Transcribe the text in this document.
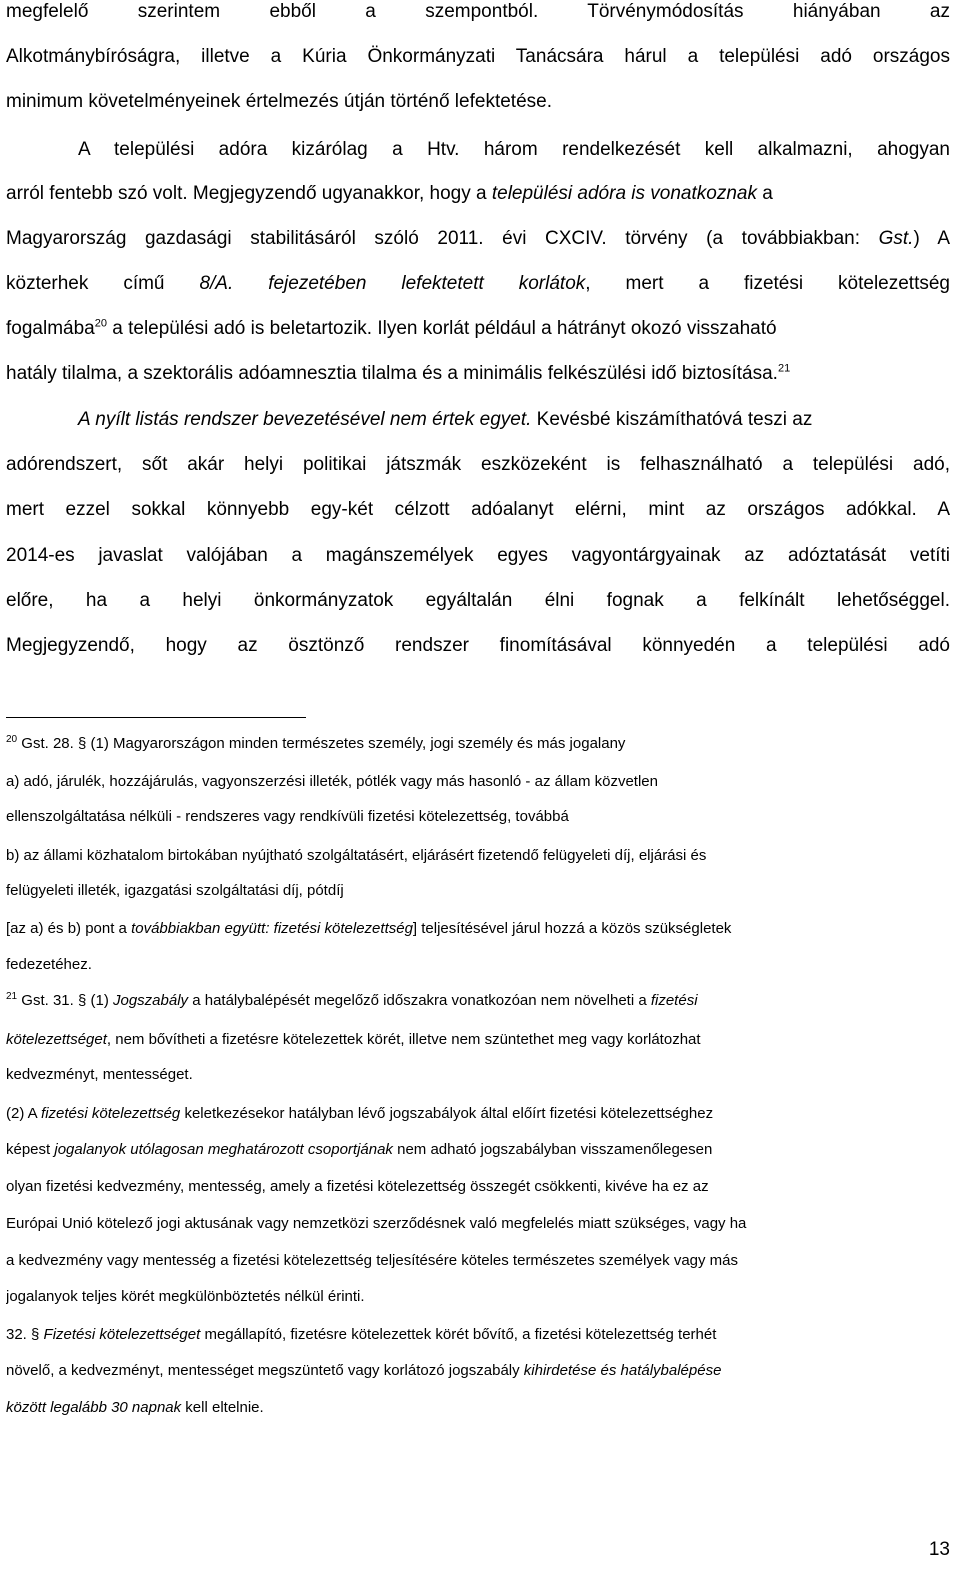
megfelelő szerintem ebből a szempontból. Törvénymódosítás hiányában az
Alkotmánybíróságra, illetve a Kúria Önkormányzati Tanácsára hárul a települési adó országos
minimum követelményeinek értelmezés útján történő lefektetése.
A települési adóra kizárólag a Htv. három rendelkezését kell alkalmazni, ahogyan
arról fentebb szó volt. Megjegyzendő ugyanakkor, hogy a települési adóra is vonatkoznak a
Magyarország gazdasági stabilitásáról szóló 2011. évi CXCIV. törvény (a továbbiakban: Gst.) A
közterhek című 8/A. fejezetében lefektetett korlátok, mert a fizetési kötelezettség
fogalmába$^{20}$ a települési adó is beletartozik. Ilyen korlát például a hátrányt okozó visszaható
hatály tilalma, a szektorális adóamnesztia tilalma és a minimális felkészülési idő biztosítása.$^{21}$
A nyílt listás rendszer bevezetésével nem értek egyet. Kevésbé kiszámíthatóvá teszi az
adórendszert, sőt akár helyi politikai játszmák eszközeként is felhasználható a települési adó,
mert ezzel sokkal könnyebb egy-két célzott adóalanyt elérni, mint az országos adókkal. A
2014-es javaslat valójában a magánszemélyek egyes vagyontárgyainak az adóztatását vetíti
előre, ha a helyi önkormányzatok egyáltalán élni fognak a felkínált lehetőséggel.
Megjegyzendő, hogy az ösztönző rendszer finomításával könnyedén a települési adó
$^{20}$ Gst. 28. § (1) Magyarországon minden természetes személy, jogi személy és más jogalany
a) adó, járulék, hozzájárulás, vagyonszerzési illeték, pótlék vagy más hasonló - az állam közvetlen
ellenszolgáltatása nélküli - rendszeres vagy rendkívüli fizetési kötelezettség, továbbá
b) az állami közhatalom birtokában nyújtható szolgáltatásért, eljárásért fizetendő felügyeleti díj, eljárási és
felügyeleti illeték, igazgatási szolgáltatási díj, pótdíj
[az a) és b) pont a továbbiakban együtt: fizetési kötelezettség] teljesítésével járul hozzá a közös szükségletek
fedezetéhez.
$^{21}$ Gst. 31. § (1) Jogszabály a hatálybalépését megelőző időszakra vonatkozóan nem növelheti a fizetési
kötelezettséget, nem bővítheti a fizetésre kötelezettek körét, illetve nem szüntethet meg vagy korlátozhat
kedvezményt, mentességet.
(2) A fizetési kötelezettség keletkezésekor hatályban lévő jogszabályok által előírt fizetési kötelezettséghez
képest jogalanyok utólagosan meghatározott csoportjának nem adható jogszabályban visszamenőlegesen
olyan fizetési kedvezmény, mentesség, amely a fizetési kötelezettség összegét csökkenti, kivéve ha ez az
Európai Unió kötelező jogi aktusának vagy nemzetközi szerződésnek való megfelelés miatt szükséges, vagy ha
a kedvezmény vagy mentesség a fizetési kötelezettség teljesítésére köteles természetes személyek vagy más
jogalanyok teljes körét megkülönböztetés nélkül érinti.
32. § Fizetési kötelezettséget megállapító, fizetésre kötelezettek körét bővítő, a fizetési kötelezettség terhét
növelő, a kedvezményt, mentességet megszüntető vagy korlátozó jogszabály kihirdetése és hatálybalépése
között legalább 30 napnak kell eltelnie.
13
